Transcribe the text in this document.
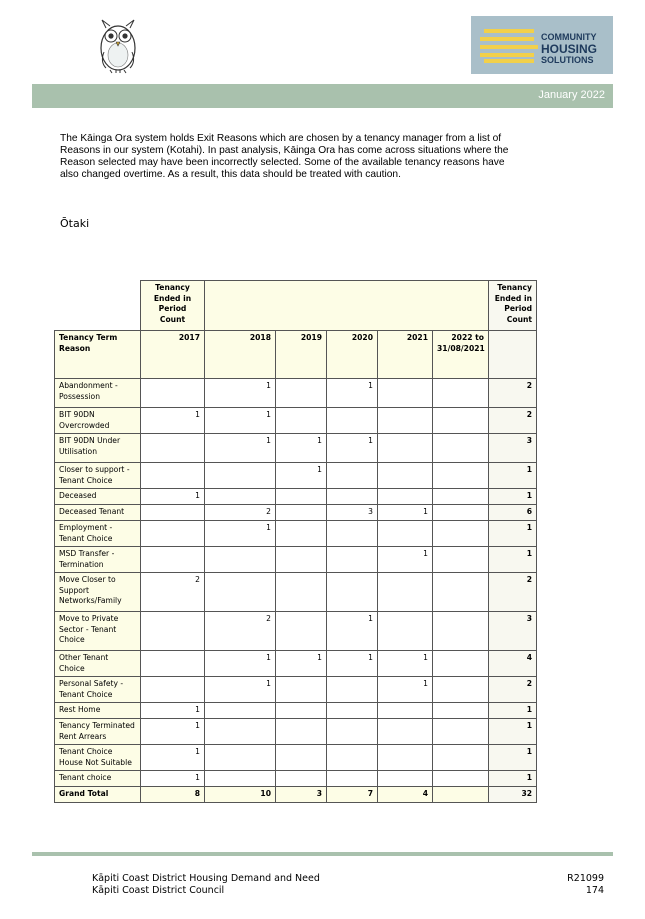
COMMUNITY
HOUSING
SOLUTIONS
January 2022
The Kāinga Ora system holds Exit Reasons which are chosen by a tenancy manager from a list of Reasons in our system (Kotahi). In past analysis, Kāinga Ora has come across situations where the Reason selected may have been incorrectly selected. Some of the available tenancy reasons have also changed overtime. As a result, this data should be treated with caution.
Ōtaki
	Tenancy Ended in Period Count						Tenancy Ended in Period Count
Tenancy Term Reason	2017	2018	2019	2020	2021	2022 to 31/08/2021	
Abandonment - Possession		1		1			2
BIT 90DN Overcrowded	1	1					2
BIT 90DN Under Utilisation		1	1	1			3
Closer to support - Tenant Choice			1				1
Deceased	1						1
Deceased Tenant		2		3	1		6
Employment - Tenant Choice		1					1
MSD Transfer - Termination					1		1
Move Closer to Support Networks/Family	2						2
Move to Private Sector - Tenant Choice		2		1			3
Other Tenant Choice		1	1	1	1		4
Personal Safety - Tenant Choice		1			1		2
Rest Home	1						1
Tenancy Terminated Rent Arrears	1						1
Tenant Choice House Not Suitable	1						1
Tenant choice	1						1
Grand Total	8	10	3	7	4		32
Kāpiti Coast District Housing Demand and Need
Kāpiti Coast District Council
R21099
174
